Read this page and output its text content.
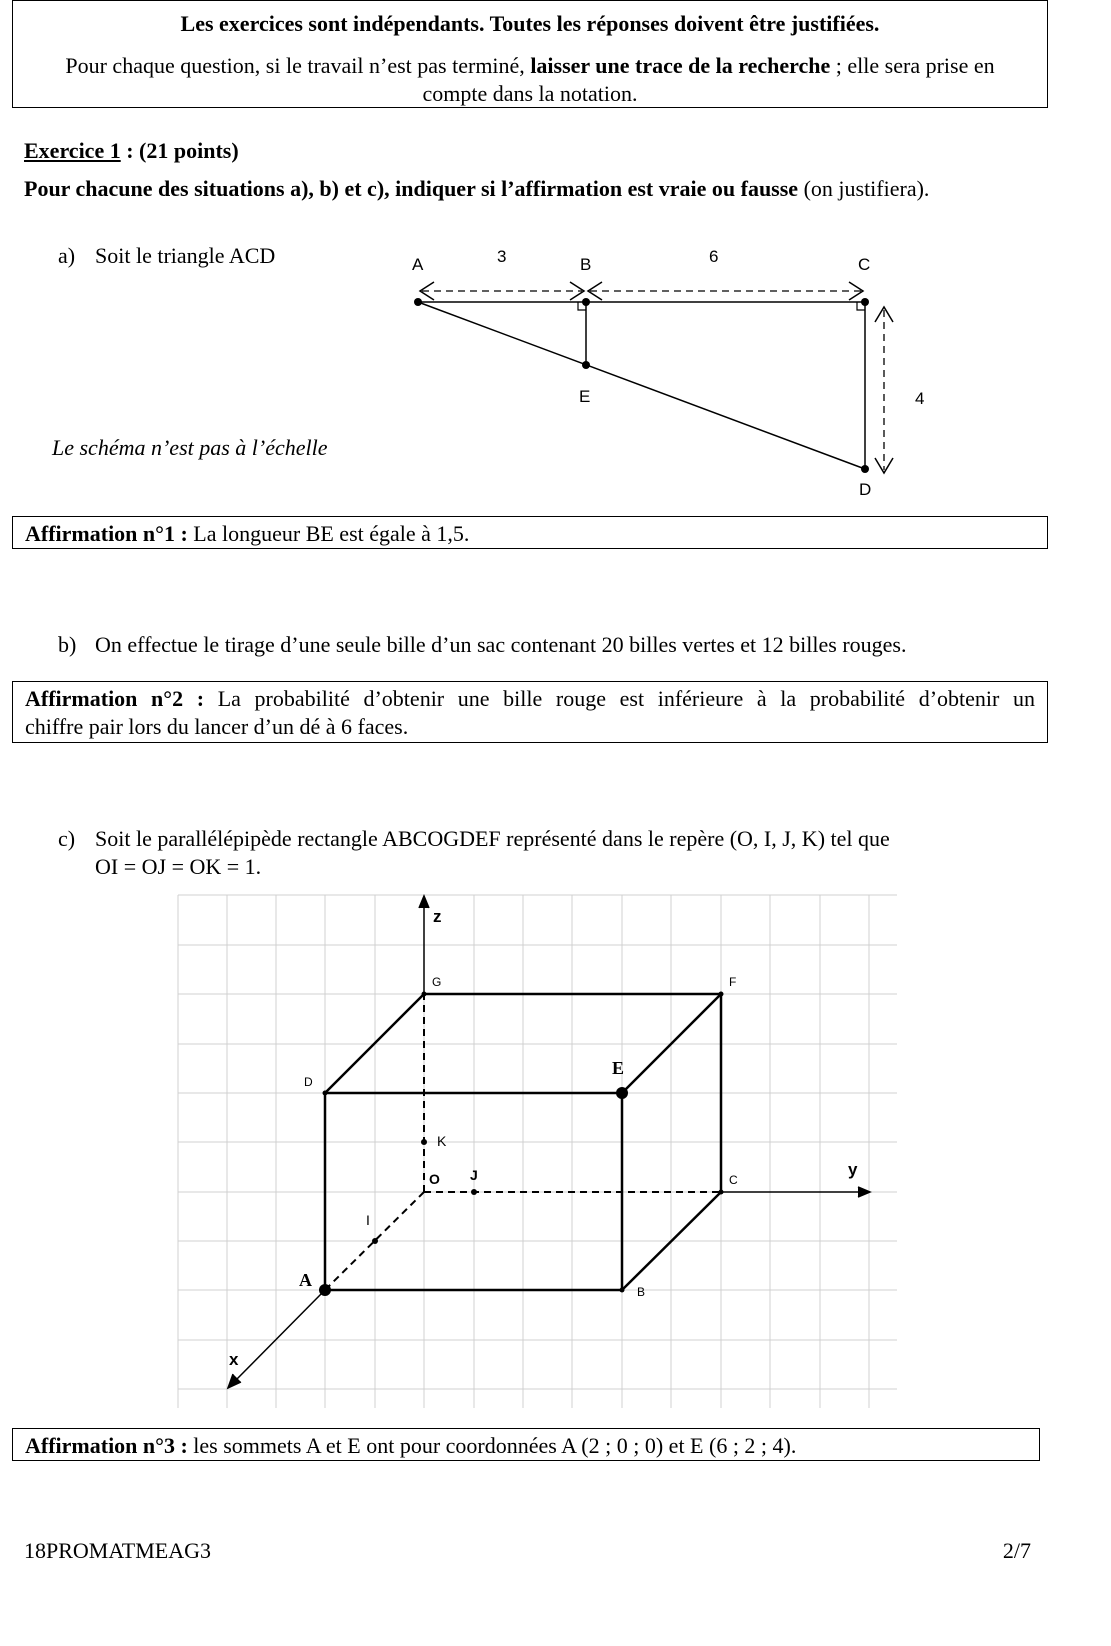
Les exercices sont indépendants. Toutes les réponses doivent être justifiées.
Pour chaque question, si le travail n’est pas terminé, laisser une trace de la recherche ; elle sera prise en
compte dans la notation.
Exercice 1 : (21 points)
Pour chacune des situations a), b) et c), indiquer si l’affirmation est vraie ou fausse (on justifiera).
a) Soit le triangle ACD
Le schéma n’est pas à l’échelle
A	B	C
E
D
3	6
4
Affirmation n°1 : La longueur BE est égale à 1,5.
b) On effectue le tirage d’une seule bille d’un sac contenant 20 billes vertes et 12 billes rouges.
Affirmation n°2 : La probabilité d’obtenir une bille rouge est inférieure à la probabilité d’obtenir un
chiffre pair lors du lancer d’un dé à 6 faces.
c) Soit le parallélépipède rectangle ABCOGDEF représenté dans le repère (O, I, J, K) tel que
OI = OJ = OK = 1.
z
y
x
G	F
D
K
O J	C
I
B
E
A
Affirmation n°3 : les sommets A et E ont pour coordonnées A (2 ; 0 ; 0) et E (6 ; 2 ; 4).
18PROMATMEAG3	2/7
